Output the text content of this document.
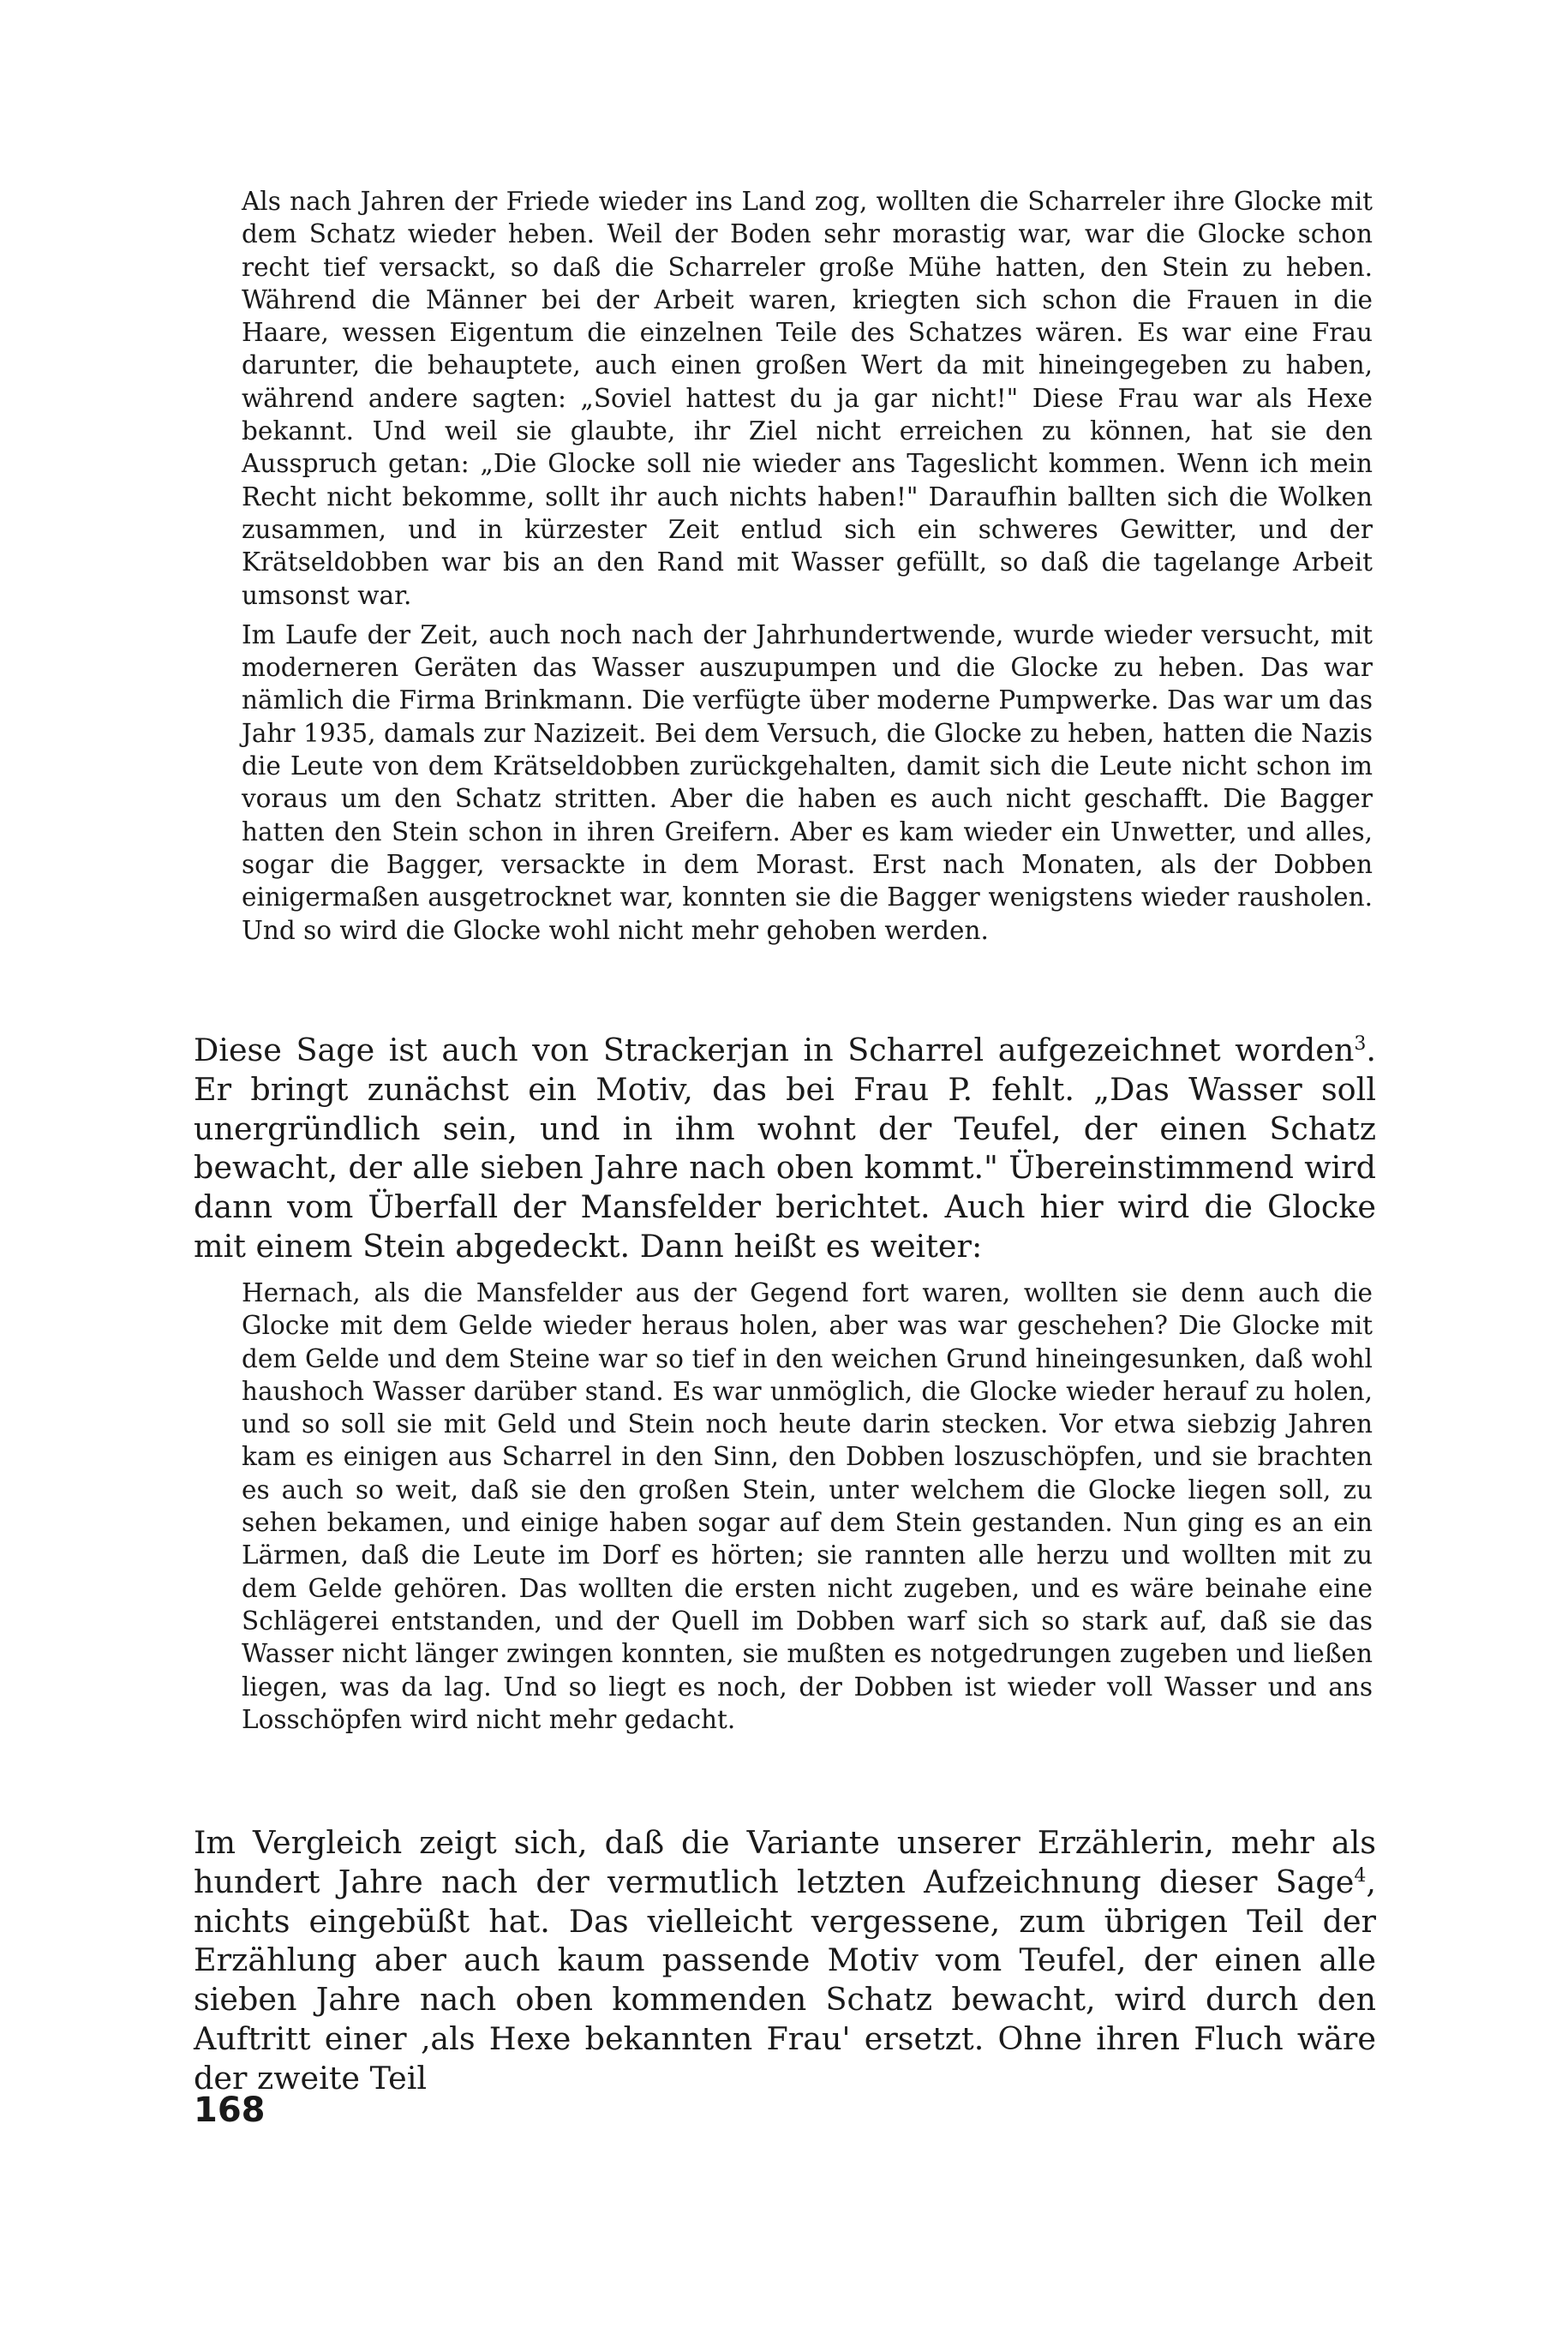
Als nach Jahren der Friede wieder ins Land zog, wollten die Scharreler ihre Glocke mit dem Schatz wieder heben. Weil der Boden sehr morastig war, war die Glocke schon recht tief versackt, so daß die Scharreler große Mühe hatten, den Stein zu heben. Während die Männer bei der Arbeit waren, kriegten sich schon die Frauen in die Haare, wessen Eigentum die einzelnen Teile des Schatzes wären. Es war eine Frau darunter, die behauptete, auch einen großen Wert da mit hineingegeben zu haben, während andere sagten: „Soviel hattest du ja gar nicht!" Diese Frau war als Hexe bekannt. Und weil sie glaubte, ihr Ziel nicht erreichen zu können, hat sie den Ausspruch getan: „Die Glocke soll nie wieder ans Tageslicht kommen. Wenn ich mein Recht nicht bekomme, sollt ihr auch nichts haben!" Daraufhin ballten sich die Wolken zusammen, und in kürzester Zeit entlud sich ein schweres Gewitter, und der Krätseldobben war bis an den Rand mit Wasser gefüllt, so daß die tagelange Arbeit umsonst war.

Im Laufe der Zeit, auch noch nach der Jahrhundertwende, wurde wieder versucht, mit moderneren Geräten das Wasser auszupumpen und die Glocke zu heben. Das war nämlich die Firma Brinkmann. Die verfügte über moderne Pumpwerke. Das war um das Jahr 1935, damals zur Nazizeit. Bei dem Versuch, die Glocke zu heben, hatten die Nazis die Leute von dem Krätseldobben zurückgehalten, damit sich die Leute nicht schon im voraus um den Schatz stritten. Aber die haben es auch nicht geschafft. Die Bagger hatten den Stein schon in ihren Greifern. Aber es kam wieder ein Unwetter, und alles, sogar die Bagger, versackte in dem Morast. Erst nach Monaten, als der Dobben einigermaßen ausgetrocknet war, konnten sie die Bagger wenigstens wieder rausholen. Und so wird die Glocke wohl nicht mehr gehoben werden.

Diese Sage ist auch von Strackerjan in Scharrel aufgezeichnet worden$^3$. Er bringt zunächst ein Motiv, das bei Frau P. fehlt. „Das Wasser soll unergründlich sein, und in ihm wohnt der Teufel, der einen Schatz bewacht, der alle sieben Jahre nach oben kommt." Übereinstimmend wird dann vom Überfall der Mansfelder berichtet. Auch hier wird die Glocke mit einem Stein abgedeckt. Dann heißt es weiter:

Hernach, als die Mansfelder aus der Gegend fort waren, wollten sie denn auch die Glocke mit dem Gelde wieder heraus holen, aber was war geschehen? Die Glocke mit dem Gelde und dem Steine war so tief in den weichen Grund hineingesunken, daß wohl haushoch Wasser darüber stand. Es war unmöglich, die Glocke wieder herauf zu holen, und so soll sie mit Geld und Stein noch heute darin stecken. Vor etwa siebzig Jahren kam es einigen aus Scharrel in den Sinn, den Dobben loszuschöpfen, und sie brachten es auch so weit, daß sie den großen Stein, unter welchem die Glocke liegen soll, zu sehen bekamen, und einige haben sogar auf dem Stein gestanden. Nun ging es an ein Lärmen, daß die Leute im Dorf es hörten; sie rannten alle herzu und wollten mit zu dem Gelde gehören. Das wollten die ersten nicht zugeben, und es wäre beinahe eine Schlägerei entstanden, und der Quell im Dobben warf sich so stark auf, daß sie das Wasser nicht länger zwingen konnten, sie mußten es notgedrungen zugeben und ließen liegen, was da lag. Und so liegt es noch, der Dobben ist wieder voll Wasser und ans Losschöpfen wird nicht mehr gedacht.

Im Vergleich zeigt sich, daß die Variante unserer Erzählerin, mehr als hundert Jahre nach der vermutlich letzten Aufzeichnung dieser Sage$^4$, nichts eingebüßt hat. Das vielleicht vergessene, zum übrigen Teil der Erzählung aber auch kaum passende Motiv vom Teufel, der einen alle sieben Jahre nach oben kommenden Schatz bewacht, wird durch den Auftritt einer ‚als Hexe bekannten Frau' ersetzt. Ohne ihren Fluch wäre der zweite Teil

168
